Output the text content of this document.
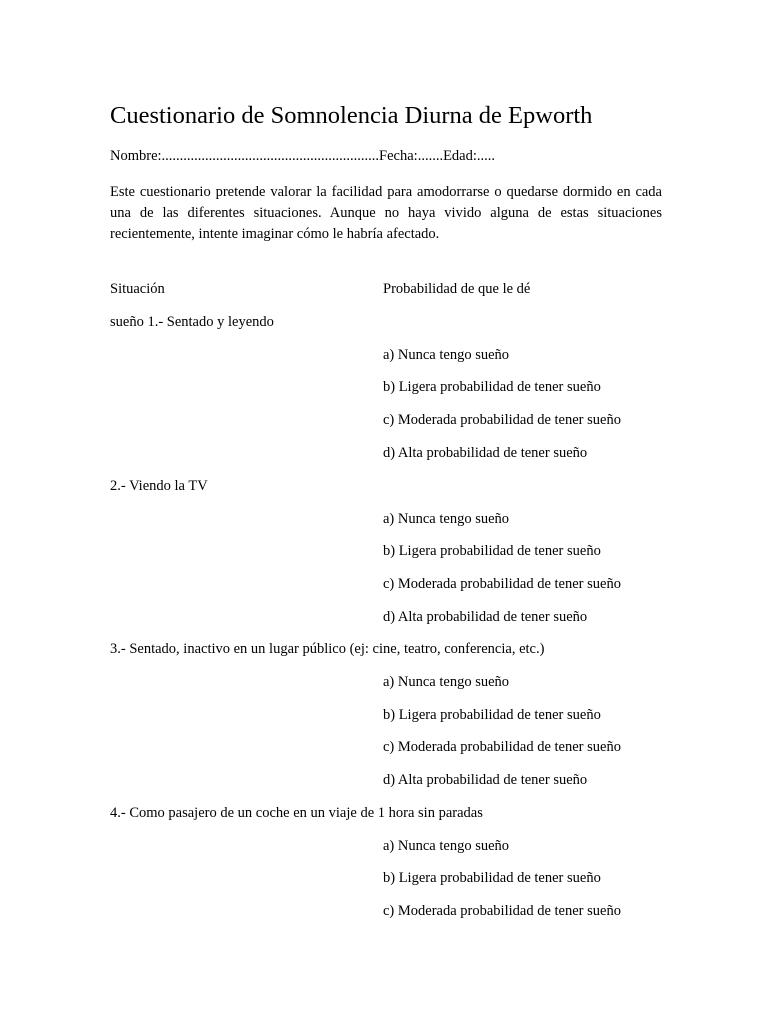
Cuestionario de Somnolencia Diurna de Epworth
Nombre:............................................................Fecha:.......Edad:.....
Este cuestionario pretende valorar la facilidad para amodorrarse o quedarse dormido en cada una de las diferentes situaciones. Aunque no haya vivido alguna de estas situaciones recientemente, intente imaginar cómo le habría afectado.
Situación	Probabilidad de que le dé
sueño 1.- Sentado y leyendo
a) Nunca tengo sueño
b) Ligera probabilidad de tener sueño
c) Moderada probabilidad de tener sueño
d) Alta probabilidad de tener sueño
2.- Viendo la TV
a) Nunca tengo sueño
b) Ligera probabilidad de tener sueño
c) Moderada probabilidad de tener sueño
d) Alta probabilidad de tener sueño
3.- Sentado, inactivo en un lugar público (ej: cine, teatro, conferencia, etc.)
a) Nunca tengo sueño
b) Ligera probabilidad de tener sueño
c) Moderada probabilidad de tener sueño
d) Alta probabilidad de tener sueño
4.- Como pasajero de un coche en un viaje de 1 hora sin paradas
a) Nunca tengo sueño
b) Ligera probabilidad de tener sueño
c) Moderada probabilidad de tener sueño
